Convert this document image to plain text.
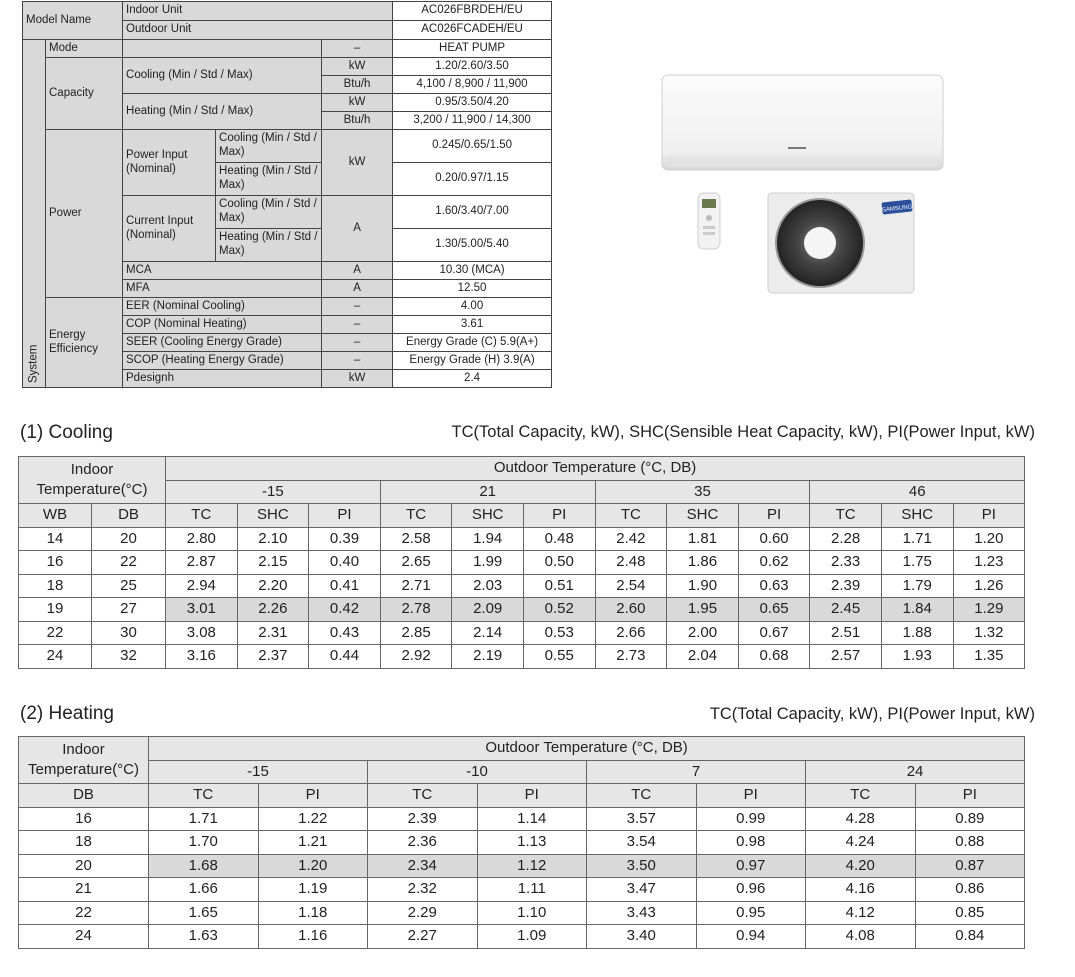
Model Name		Indoor Unit			AC026FBRDEH/EU
		Outdoor Unit			AC026FCADEH/EU
System	Mode			–	HEAT PUMP
	Capacity	Cooling (Min / Std / Max)		kW	1.20/2.60/3.50
				Btu/h	4,100 / 8,900 / 11,900
		Heating (Min / Std / Max)		kW	0.95/3.50/4.20
				Btu/h	3,200 / 11,900 / 14,300
	Power	Power Input (Nominal)	Cooling (Min / Std / Max)	kW	0.245/0.65/1.50
			Heating (Min / Std / Max)		0.20/0.97/1.15
		Current Input (Nominal)	Cooling (Min / Std / Max)	A	1.60/3.40/7.00
			Heating (Min / Std / Max)		1.30/5.00/5.40
		MCA		A	10.30 (MCA)
		MFA		A	12.50
	Energy Efficiency	EER (Nominal Cooling)		–	4.00
		COP (Nominal Heating)		–	3.61
		SEER (Cooling Energy Grade)		–	Energy Grade (C) 5.9(A+)
		SCOP (Heating Energy Grade)		–	Energy Grade (H) 3.9(A)
		Pdesignh		kW	2.4
SAMSUNG
(1) Cooling	TC(Total Capacity, kW), SHC(Sensible Heat Capacity, kW), PI(Power Input, kW)
Indoor Temperature(°C)		Outdoor Temperature (°C, DB)											
		-15			21			35			46		
WB	DB	TC	SHC	PI	TC	SHC	PI	TC	SHC	PI	TC	SHC	PI
14	20	2.80	2.10	0.39	2.58	1.94	0.48	2.42	1.81	0.60	2.28	1.71	1.20
16	22	2.87	2.15	0.40	2.65	1.99	0.50	2.48	1.86	0.62	2.33	1.75	1.23
18	25	2.94	2.20	0.41	2.71	2.03	0.51	2.54	1.90	0.63	2.39	1.79	1.26
19	27	3.01	2.26	0.42	2.78	2.09	0.52	2.60	1.95	0.65	2.45	1.84	1.29
22	30	3.08	2.31	0.43	2.85	2.14	0.53	2.66	2.00	0.67	2.51	1.88	1.32
24	32	3.16	2.37	0.44	2.92	2.19	0.55	2.73	2.04	0.68	2.57	1.93	1.35
(2) Heating	TC(Total Capacity, kW), PI(Power Input, kW)
Indoor Temperature(°C)	Outdoor Temperature (°C, DB)							
	-15		-10		7		24	
DB	TC	PI	TC	PI	TC	PI	TC	PI
16	1.71	1.22	2.39	1.14	3.57	0.99	4.28	0.89
18	1.70	1.21	2.36	1.13	3.54	0.98	4.24	0.88
20	1.68	1.20	2.34	1.12	3.50	0.97	4.20	0.87
21	1.66	1.19	2.32	1.11	3.47	0.96	4.16	0.86
22	1.65	1.18	2.29	1.10	3.43	0.95	4.12	0.85
24	1.63	1.16	2.27	1.09	3.40	0.94	4.08	0.84
